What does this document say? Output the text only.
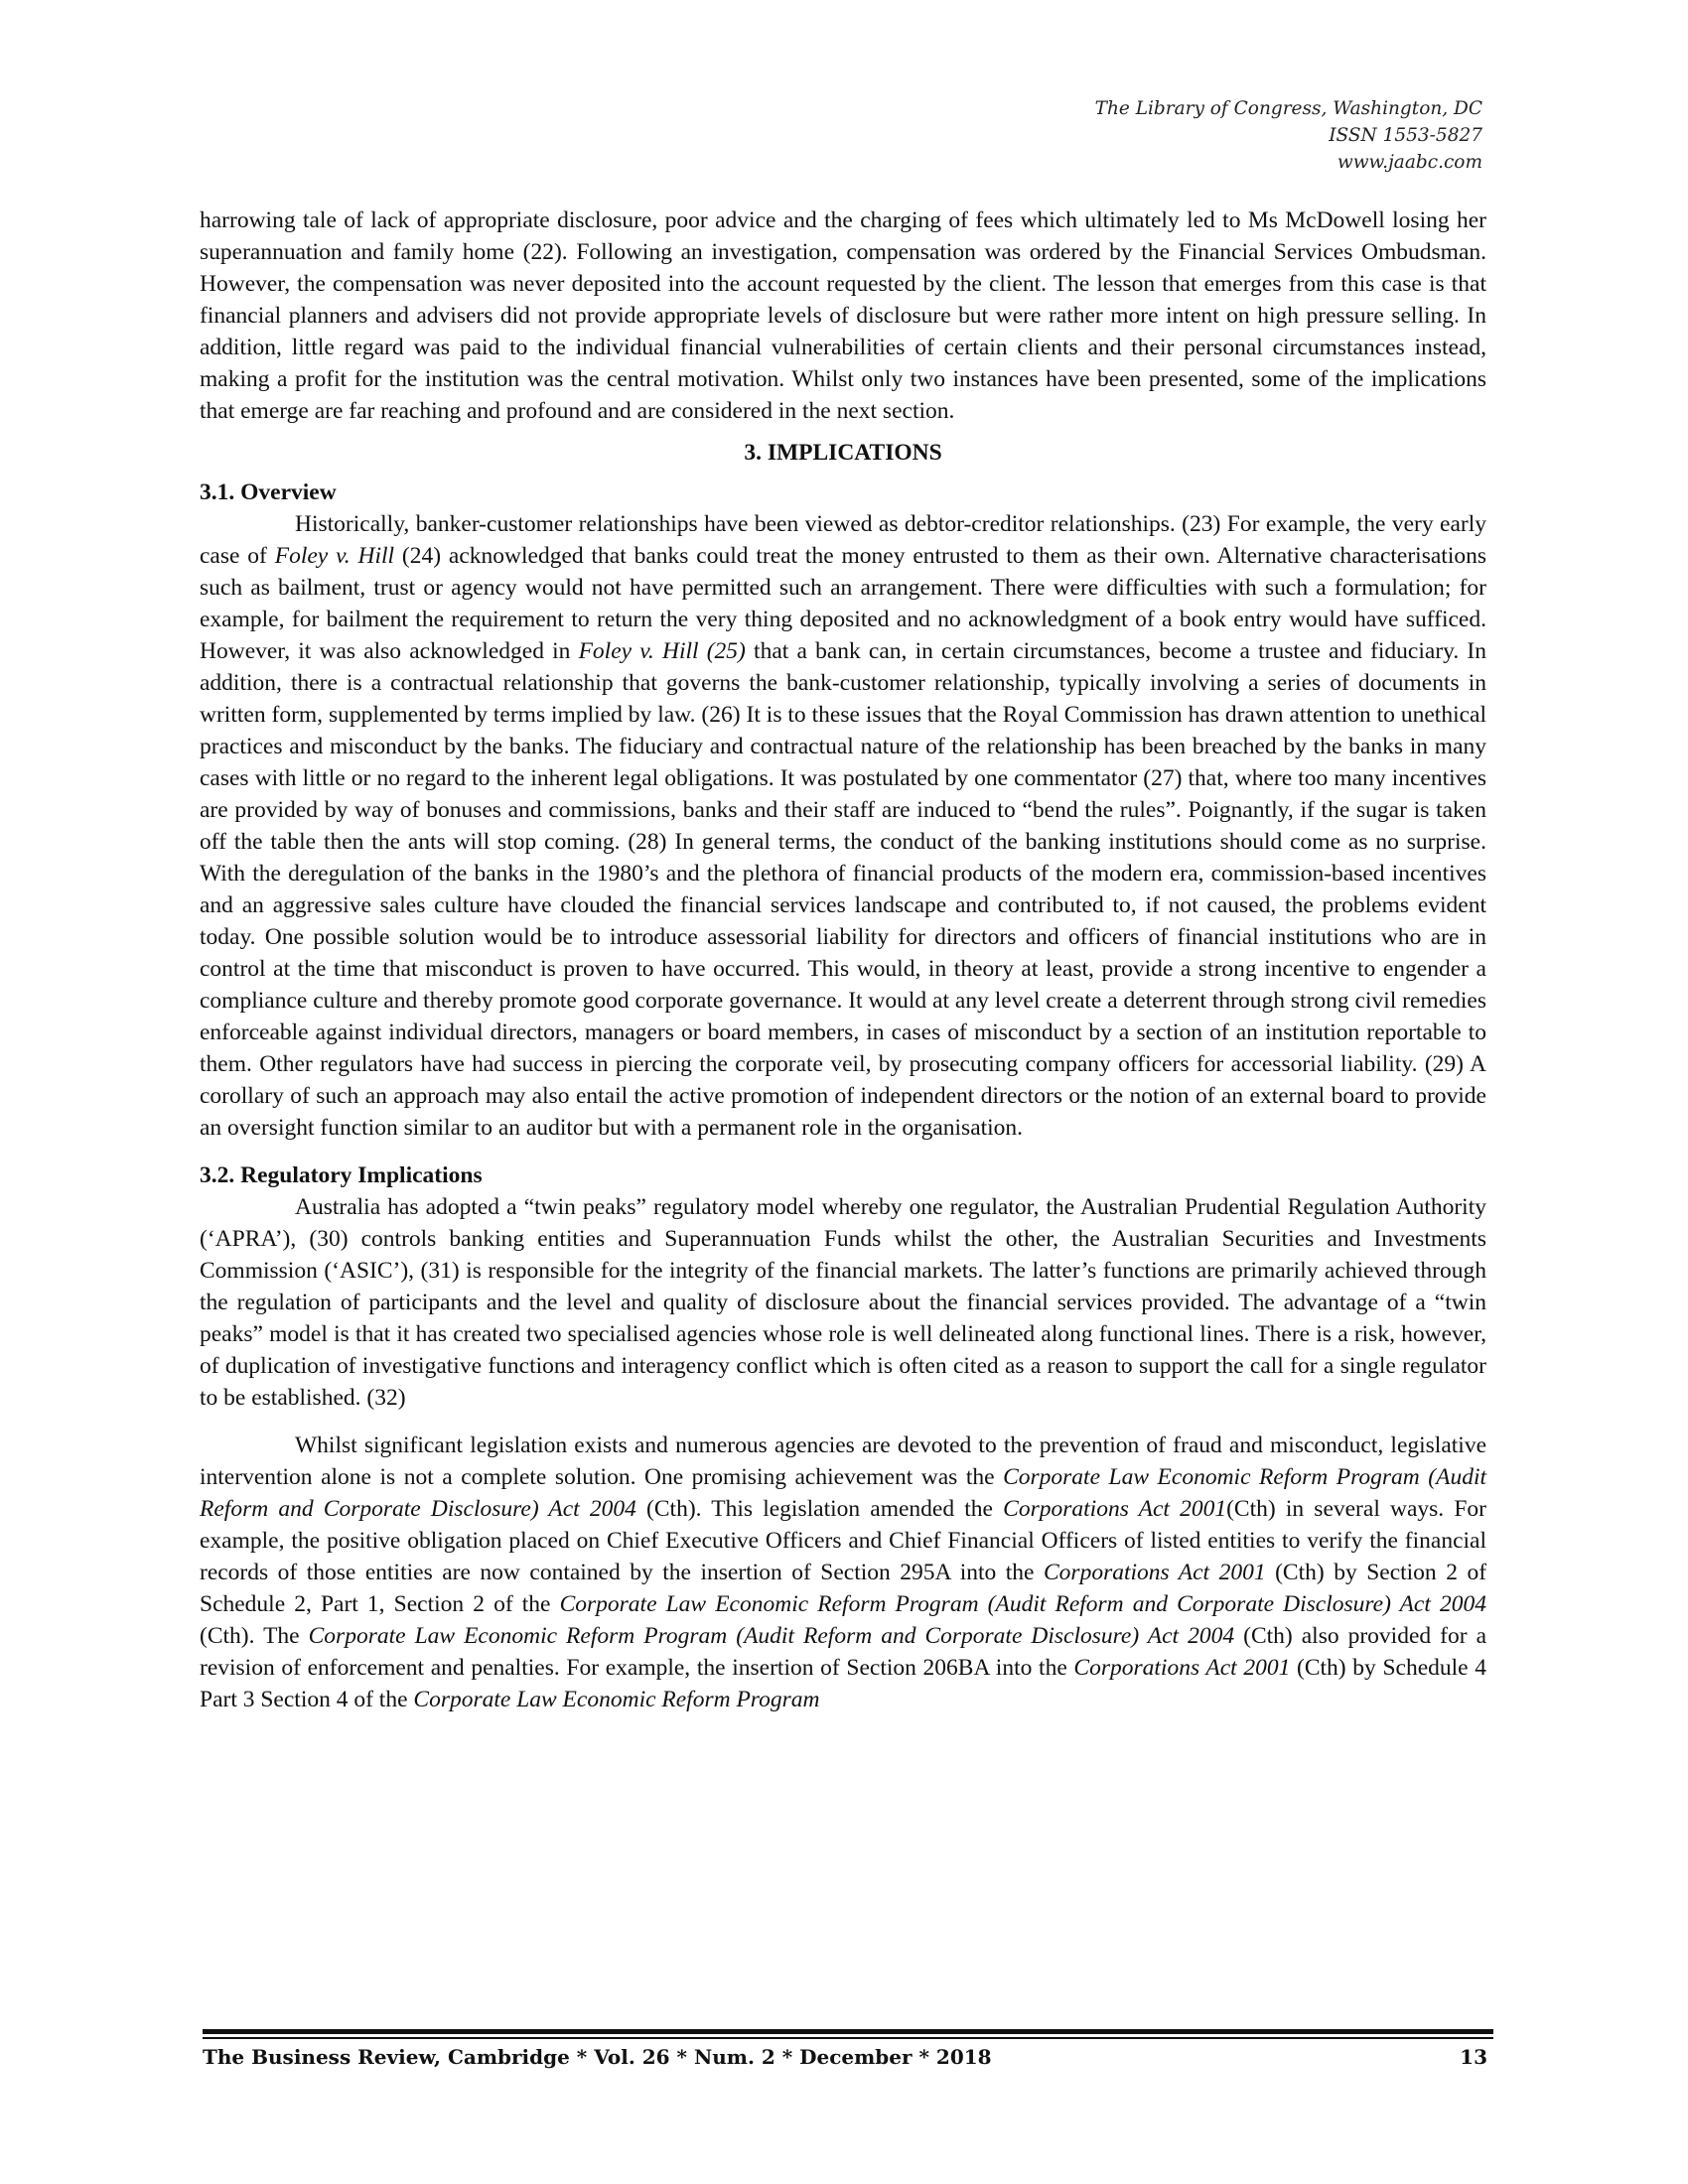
The Library of Congress, Washington, DC
ISSN 1553-5827
www.jaabc.com

harrowing tale of lack of appropriate disclosure, poor advice and the charging of fees which ultimately led to Ms McDowell losing her superannuation and family home (22). Following an investigation, compensation was ordered by the Financial Services Ombudsman. However, the compensation was never deposited into the account requested by the client. The lesson that emerges from this case is that financial planners and advisers did not provide appropriate levels of disclosure but were rather more intent on high pressure selling. In addition, little regard was paid to the individual financial vulnerabilities of certain clients and their personal circumstances instead, making a profit for the institution was the central motivation. Whilst only two instances have been presented, some of the implications that emerge are far reaching and profound and are considered in the next section.

3. IMPLICATIONS
3.1. Overview

Historically, banker-customer relationships have been viewed as debtor-creditor relationships. (23) For example, the very early case of Foley v. Hill (24) acknowledged that banks could treat the money entrusted to them as their own. Alternative characterisations such as bailment, trust or agency would not have permitted such an arrangement. There were difficulties with such a formulation; for example, for bailment the requirement to return the very thing deposited and no acknowledgment of a book entry would have sufficed. However, it was also acknowledged in Foley v. Hill (25) that a bank can, in certain circumstances, become a trustee and fiduciary. In addition, there is a contractual relationship that governs the bank-customer relationship, typically involving a series of documents in written form, supplemented by terms implied by law. (26) It is to these issues that the Royal Commission has drawn attention to unethical practices and misconduct by the banks. The fiduciary and contractual nature of the relationship has been breached by the banks in many cases with little or no regard to the inherent legal obligations. It was postulated by one commentator (27) that, where too many incentives are provided by way of bonuses and commissions, banks and their staff are induced to “bend the rules”. Poignantly, if the sugar is taken off the table then the ants will stop coming. (28) In general terms, the conduct of the banking institutions should come as no surprise. With the deregulation of the banks in the 1980’s and the plethora of financial products of the modern era, commission-based incentives and an aggressive sales culture have clouded the financial services landscape and contributed to, if not caused, the problems evident today. One possible solution would be to introduce assessorial liability for directors and officers of financial institutions who are in control at the time that misconduct is proven to have occurred. This would, in theory at least, provide a strong incentive to engender a compliance culture and thereby promote good corporate governance. It would at any level create a deterrent through strong civil remedies enforceable against individual directors, managers or board members, in cases of misconduct by a section of an institution reportable to them. Other regulators have had success in piercing the corporate veil, by prosecuting company officers for accessorial liability. (29) A corollary of such an approach may also entail the active promotion of independent directors or the notion of an external board to provide an oversight function similar to an auditor but with a permanent role in the organisation.

3.2. Regulatory Implications

Australia has adopted a “twin peaks” regulatory model whereby one regulator, the Australian Prudential Regulation Authority (‘APRA’), (30) controls banking entities and Superannuation Funds whilst the other, the Australian Securities and Investments Commission (‘ASIC’), (31) is responsible for the integrity of the financial markets. The latter’s functions are primarily achieved through the regulation of participants and the level and quality of disclosure about the financial services provided. The advantage of a “twin peaks” model is that it has created two specialised agencies whose role is well delineated along functional lines. There is a risk, however, of duplication of investigative functions and interagency conflict which is often cited as a reason to support the call for a single regulator to be established. (32)

Whilst significant legislation exists and numerous agencies are devoted to the prevention of fraud and misconduct, legislative intervention alone is not a complete solution. One promising achievement was the Corporate Law Economic Reform Program (Audit Reform and Corporate Disclosure) Act 2004 (Cth). This legislation amended the Corporations Act 2001(Cth) in several ways. For example, the positive obligation placed on Chief Executive Officers and Chief Financial Officers of listed entities to verify the financial records of those entities are now contained by the insertion of Section 295A into the Corporations Act 2001 (Cth) by Section 2 of Schedule 2, Part 1, Section 2 of the Corporate Law Economic Reform Program (Audit Reform and Corporate Disclosure) Act 2004 (Cth). The Corporate Law Economic Reform Program (Audit Reform and Corporate Disclosure) Act 2004 (Cth) also provided for a revision of enforcement and penalties. For example, the insertion of Section 206BA into the Corporations Act 2001 (Cth) by Schedule 4 Part 3 Section 4 of the Corporate Law Economic Reform Program

The Business Review, Cambridge * Vol. 26 * Num. 2 * December * 2018	13
